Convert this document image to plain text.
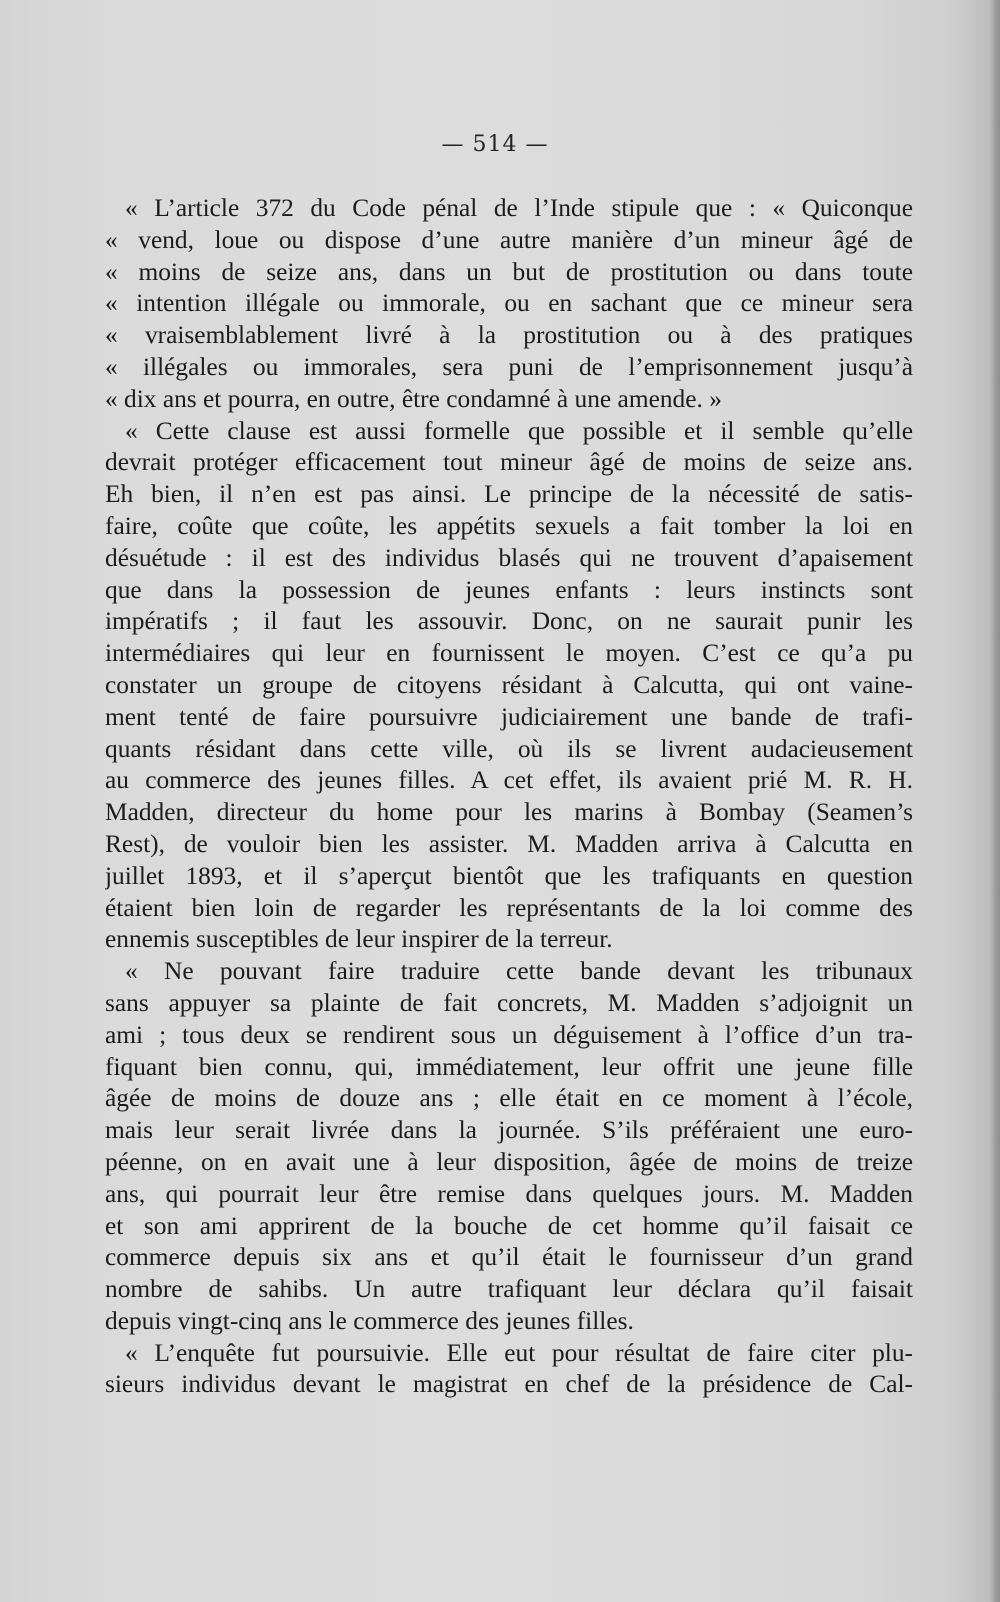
— 514 —
« L’article 372 du Code pénal de l’Inde stipule que : « Quiconque
« vend, loue ou dispose d’une autre manière d’un mineur âgé de
« moins de seize ans, dans un but de prostitution ou dans toute
« intention illégale ou immorale, ou en sachant que ce mineur sera
« vraisemblablement livré à la prostitution ou à des pratiques
« illégales ou immorales, sera puni de l’emprisonnement jusqu’à
« dix ans et pourra, en outre, être condamné à une amende. »
« Cette clause est aussi formelle que possible et il semble qu’elle
devrait protéger efficacement tout mineur âgé de moins de seize ans.
Eh bien, il n’en est pas ainsi. Le principe de la nécessité de satis-
faire, coûte que coûte, les appétits sexuels a fait tomber la loi en
désuétude : il est des individus blasés qui ne trouvent d’apaisement
que dans la possession de jeunes enfants : leurs instincts sont
impératifs ; il faut les assouvir. Donc, on ne saurait punir les
intermédiaires qui leur en fournissent le moyen. C’est ce qu’a pu
constater un groupe de citoyens résidant à Calcutta, qui ont vaine-
ment tenté de faire poursuivre judiciairement une bande de trafi-
quants résidant dans cette ville, où ils se livrent audacieusement
au commerce des jeunes filles. A cet effet, ils avaient prié M. R. H.
Madden, directeur du home pour les marins à Bombay (Seamen’s
Rest), de vouloir bien les assister. M. Madden arriva à Calcutta en
juillet 1893, et il s’aperçut bientôt que les trafiquants en question
étaient bien loin de regarder les représentants de la loi comme des
ennemis susceptibles de leur inspirer de la terreur.
« Ne pouvant faire traduire cette bande devant les tribunaux
sans appuyer sa plainte de fait concrets, M. Madden s’adjoignit un
ami ; tous deux se rendirent sous un déguisement à l’office d’un tra-
fiquant bien connu, qui, immédiatement, leur offrit une jeune fille
âgée de moins de douze ans ; elle était en ce moment à l’école,
mais leur serait livrée dans la journée. S’ils préféraient une euro-
péenne, on en avait une à leur disposition, âgée de moins de treize
ans, qui pourrait leur être remise dans quelques jours. M. Madden
et son ami apprirent de la bouche de cet homme qu’il faisait ce
commerce depuis six ans et qu’il était le fournisseur d’un grand
nombre de sahibs. Un autre trafiquant leur déclara qu’il faisait
depuis vingt-cinq ans le commerce des jeunes filles.
« L’enquête fut poursuivie. Elle eut pour résultat de faire citer plu-
sieurs individus devant le magistrat en chef de la présidence de Cal-
